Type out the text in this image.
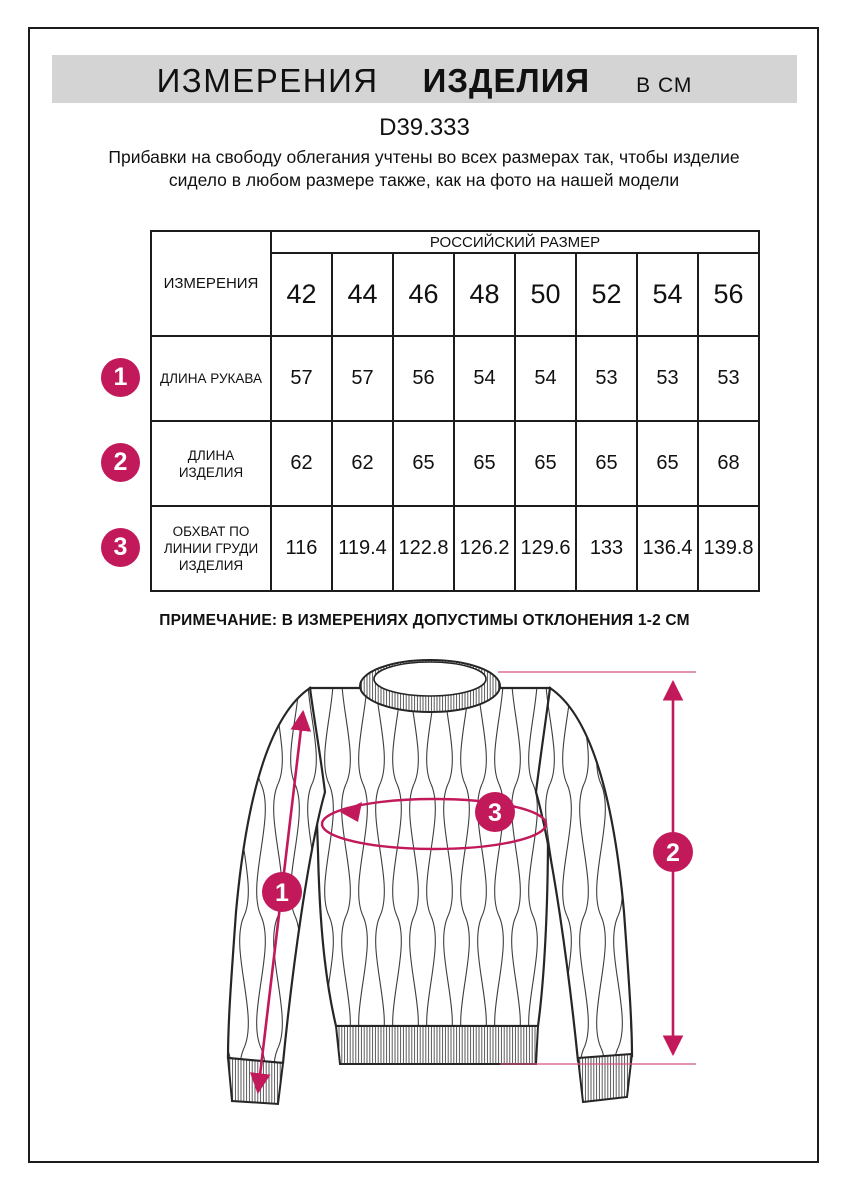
ИЗМЕРЕНИЯ ИЗДЕЛИЯ В СМ
D39.333
Прибавки на свободу облегания учтены во всех размерах так, чтобы изделие сидело в любом размере также, как на фото на нашей модели
ИЗМЕРЕНИЯ	РОССИЙСКИЙ РАЗМЕР							
	42	44	46	48	50	52	54	56
ДЛИНА РУКАВА	57	57	56	54	54	53	53	53
ДЛИНА ИЗДЕЛИЯ	62	62	65	65	65	65	65	68
ОБХВАТ ПО ЛИНИИ ГРУДИ ИЗДЕЛИЯ	116	119.4	122.8	126.2	129.6	133	136.4	139.8
1
2
3
ПРИМЕЧАНИЕ: В ИЗМЕРЕНИЯХ ДОПУСТИМЫ ОТКЛОНЕНИЯ 1-2 СМ
1
2
3
